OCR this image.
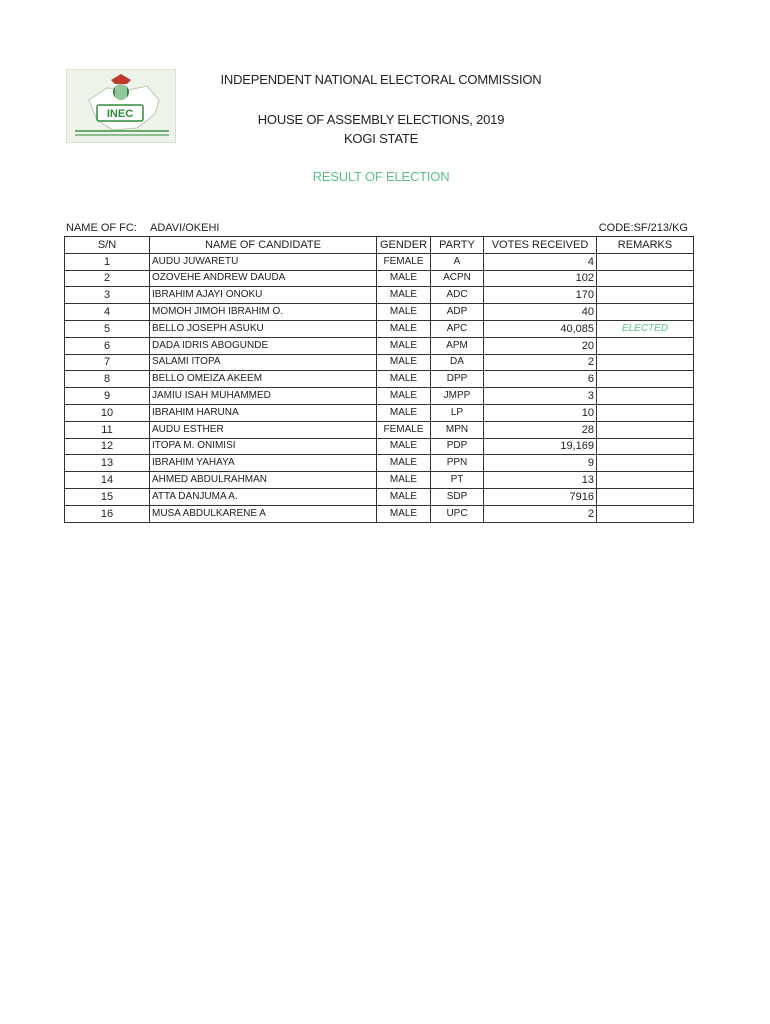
INEC
INDEPENDENT NATIONAL ELECTORAL COMMISSION
HOUSE OF ASSEMBLY ELECTIONS, 2019
KOGI STATE
RESULT OF ELECTION
NAME OF FC: ADAVI/OKEHI	CODE:SF/213/KG
S/N	NAME OF CANDIDATE	GENDER	PARTY	VOTES RECEIVED	REMARKS
1	AUDU JUWARETU	FEMALE	A	4	
2	OZOVEHE ANDREW DAUDA	MALE	ACPN	102	
3	IBRAHIM AJAYI ONOKU	MALE	ADC	170	
4	MOMOH JIMOH IBRAHIM O.	MALE	ADP	40	
5	BELLO JOSEPH ASUKU	MALE	APC	40,085	ELECTED
6	DADA IDRIS ABOGUNDE	MALE	APM	20	
7	SALAMI ITOPA	MALE	DA	2	
8	BELLO OMEIZA AKEEM	MALE	DPP	6	
9	JAMIU ISAH MUHAMMED	MALE	JMPP	3	
10	IBRAHIM HARUNA	MALE	LP	10	
11	AUDU ESTHER	FEMALE	MPN	28	
12	ITOPA M. ONIMISI	MALE	PDP	19,169	
13	IBRAHIM YAHAYA	MALE	PPN	9	
14	AHMED ABDULRAHMAN	MALE	PT	13	
15	ATTA DANJUMA A.	MALE	SDP	7916	
16	MUSA ABDULKARENE A	MALE	UPC	2	
